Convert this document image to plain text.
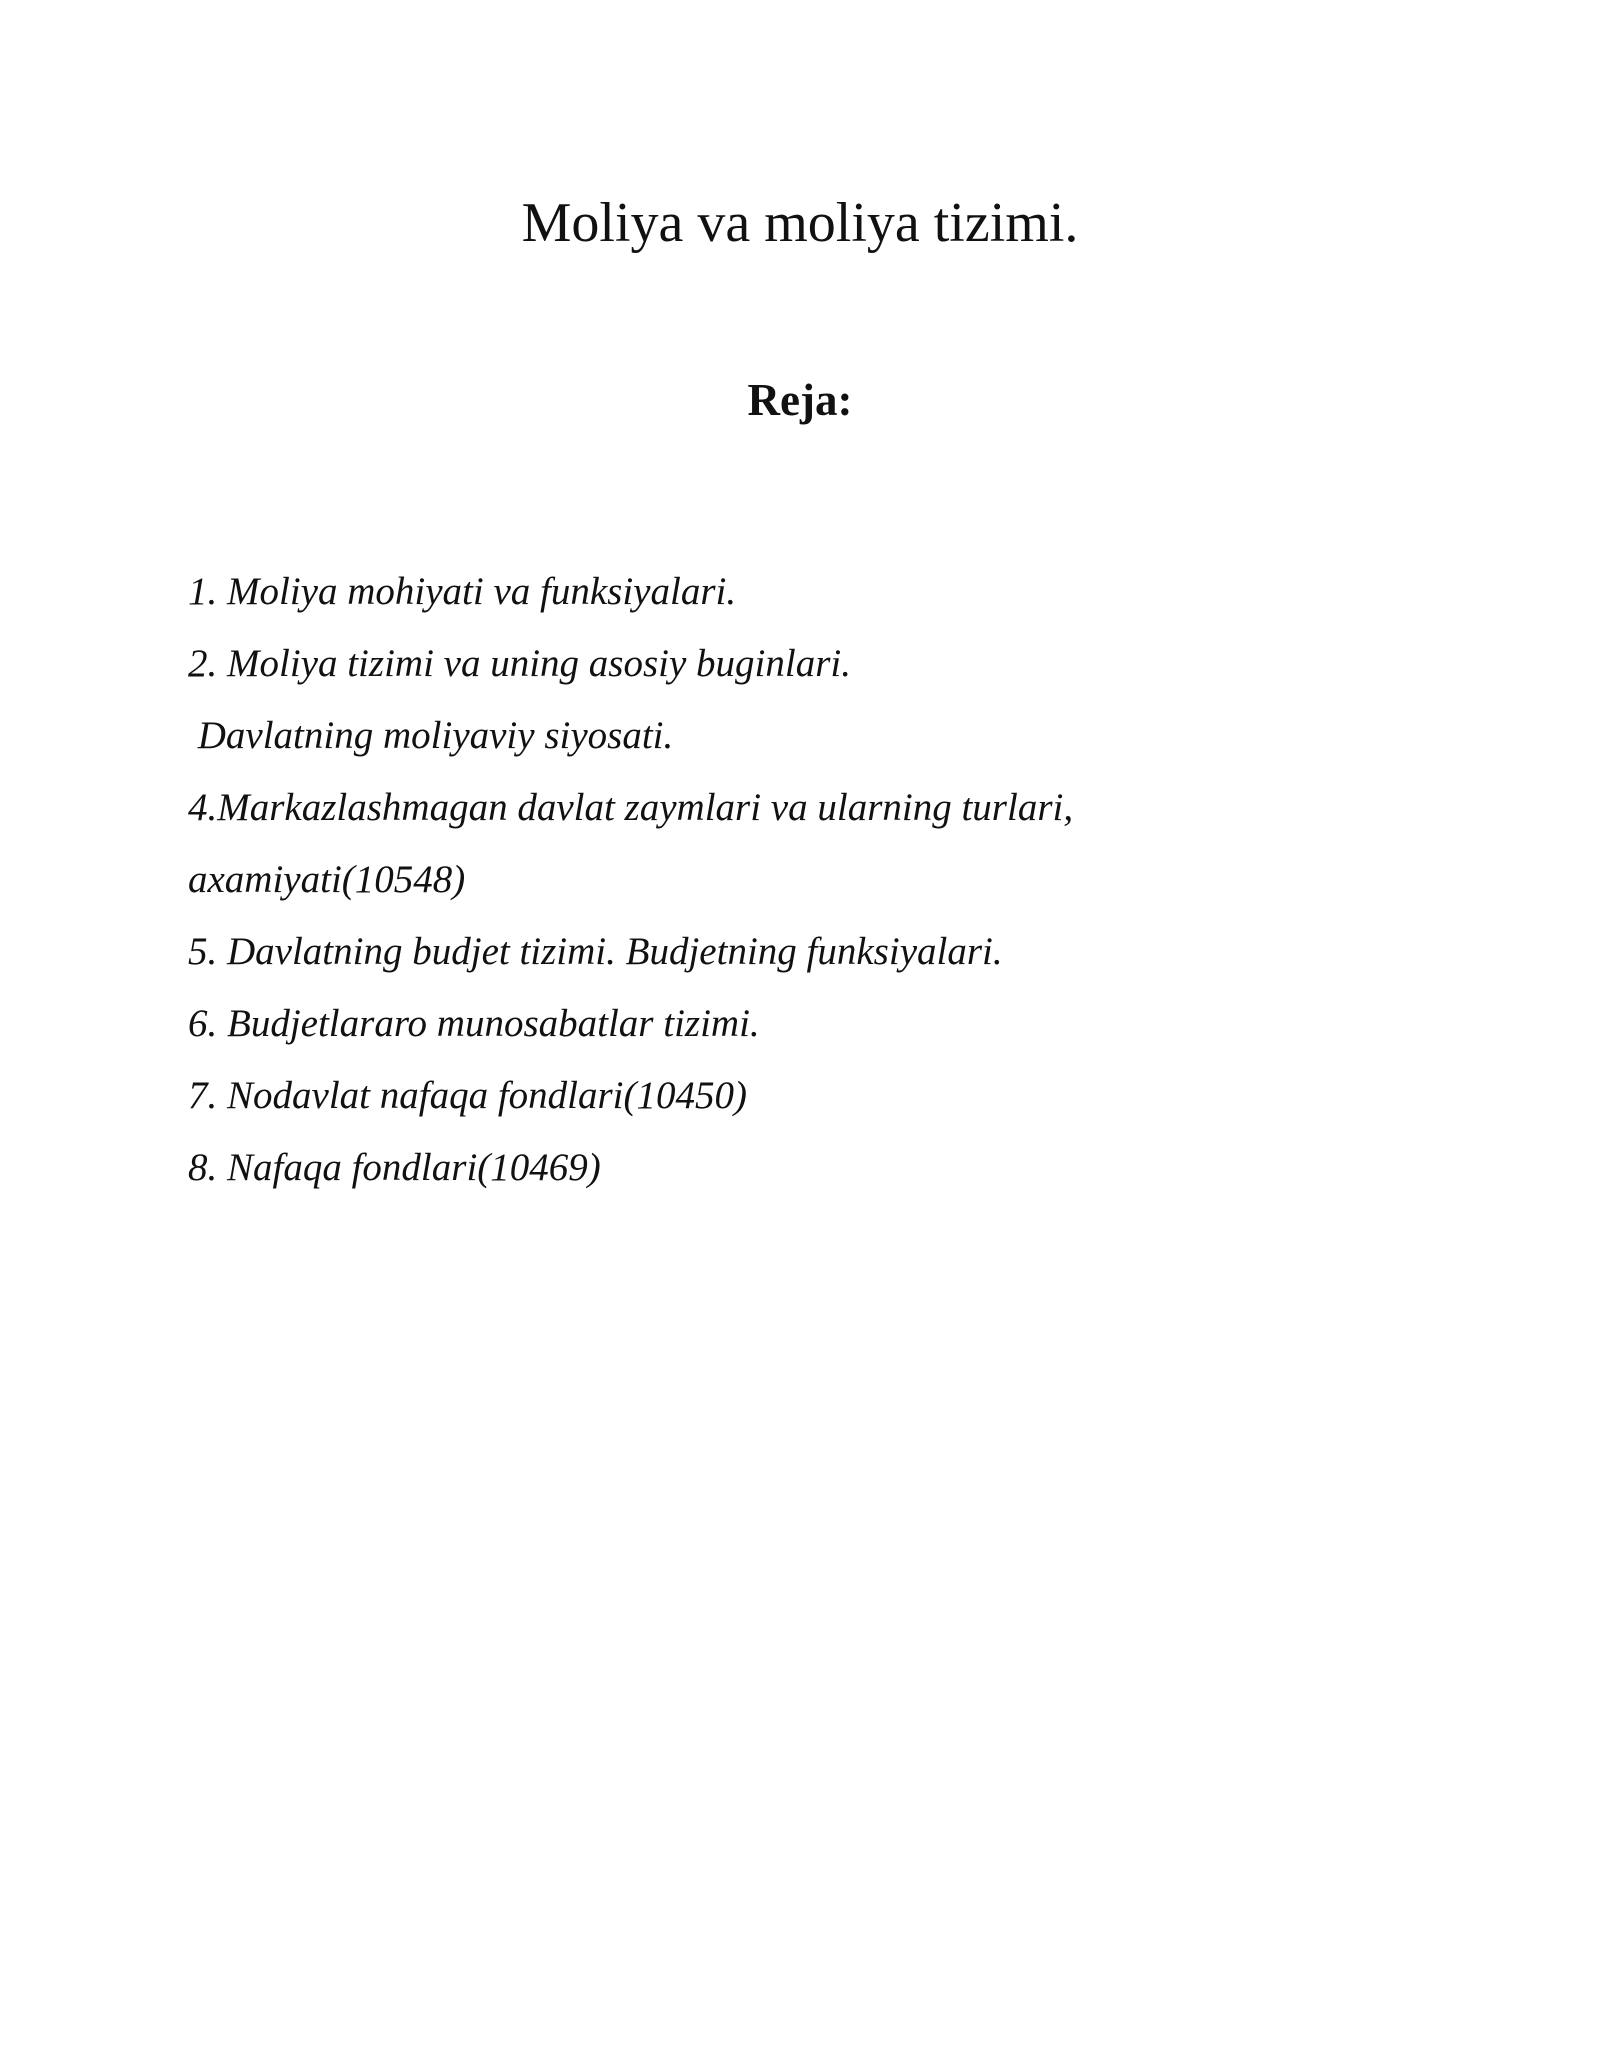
Moliya va moliya tizimi.
Reja:
1. Moliya mohiyati va funksiyalari.
2. Moliya tizimi va uning asosiy buginlari.
Davlatning moliyaviy siyosati.
4.Markazlashmagan davlat zaymlari va ularning turlari,
axamiyati(10548)
5. Davlatning budjet tizimi. Budjetning funksiyalari.
6. Budjetlararo munosabatlar tizimi.
7. Nodavlat nafaqa fondlari(10450)
8. Nafaqa fondlari(10469)
